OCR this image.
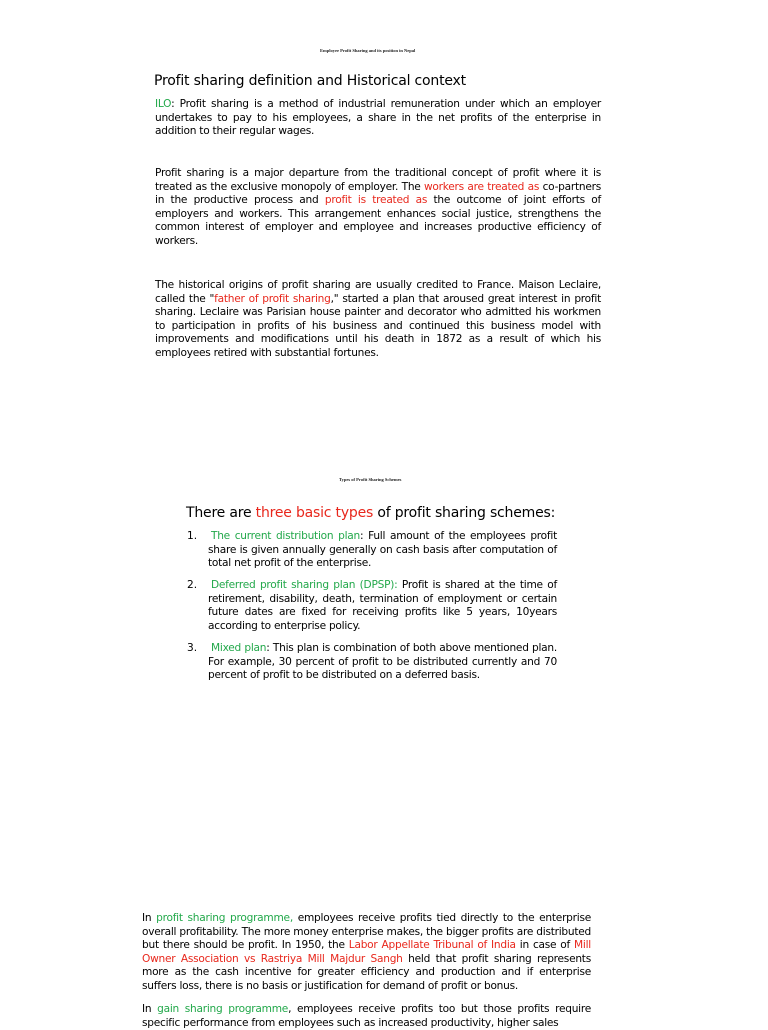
Employee Profit Sharing and its position in Nepal
Profit sharing definition and Historical context
ILO: Profit sharing is a method of industrial remuneration under which an employer undertakes to pay to his employees, a share in the net profits of the enterprise in addition to their regular wages.
Profit sharing is a major departure from the traditional concept of profit where it is treated as the exclusive monopoly of employer. The workers are treated as co-partners in the productive process and profit is treated as the outcome of joint efforts of employers and workers. This arrangement enhances social justice, strengthens the common interest of employer and employee and increases productive efficiency of workers.
The historical origins of profit sharing are usually credited to France. Maison Leclaire, called the "father of profit sharing," started a plan that aroused great interest in profit sharing. Leclaire was Parisian house painter and decorator who admitted his workmen to participation in profits of his business and continued this business model with improvements and modifications until his death in 1872 as a result of which his employees retired with substantial fortunes.
Types of Profit Sharing Schemes
There are three basic types of profit sharing schemes:
1. The current distribution plan: Full amount of the employees profit share is given annually generally on cash basis after computation of total net profit of the enterprise.
2. Deferred profit sharing plan (DPSP): Profit is shared at the time of retirement, disability, death, termination of employment or certain future dates are fixed for receiving profits like 5 years, 10years according to enterprise policy.
3. Mixed plan: This plan is combination of both above mentioned plan. For example, 30 percent of profit to be distributed currently and 70 percent of profit to be distributed on a deferred basis.
In profit sharing programme, employees receive profits tied directly to the enterprise overall profitability. The more money enterprise makes, the bigger profits are distributed but there should be profit. In 1950, the Labor Appellate Tribunal of India in case of Mill Owner Association vs Rastriya Mill Majdur Sangh held that profit sharing represents more as the cash incentive for greater efficiency and production and if enterprise suffers loss, there is no basis or justification for demand of profit or bonus.
In gain sharing programme, employees receive profits too but those profits require specific performance from employees such as increased productivity, higher sales
